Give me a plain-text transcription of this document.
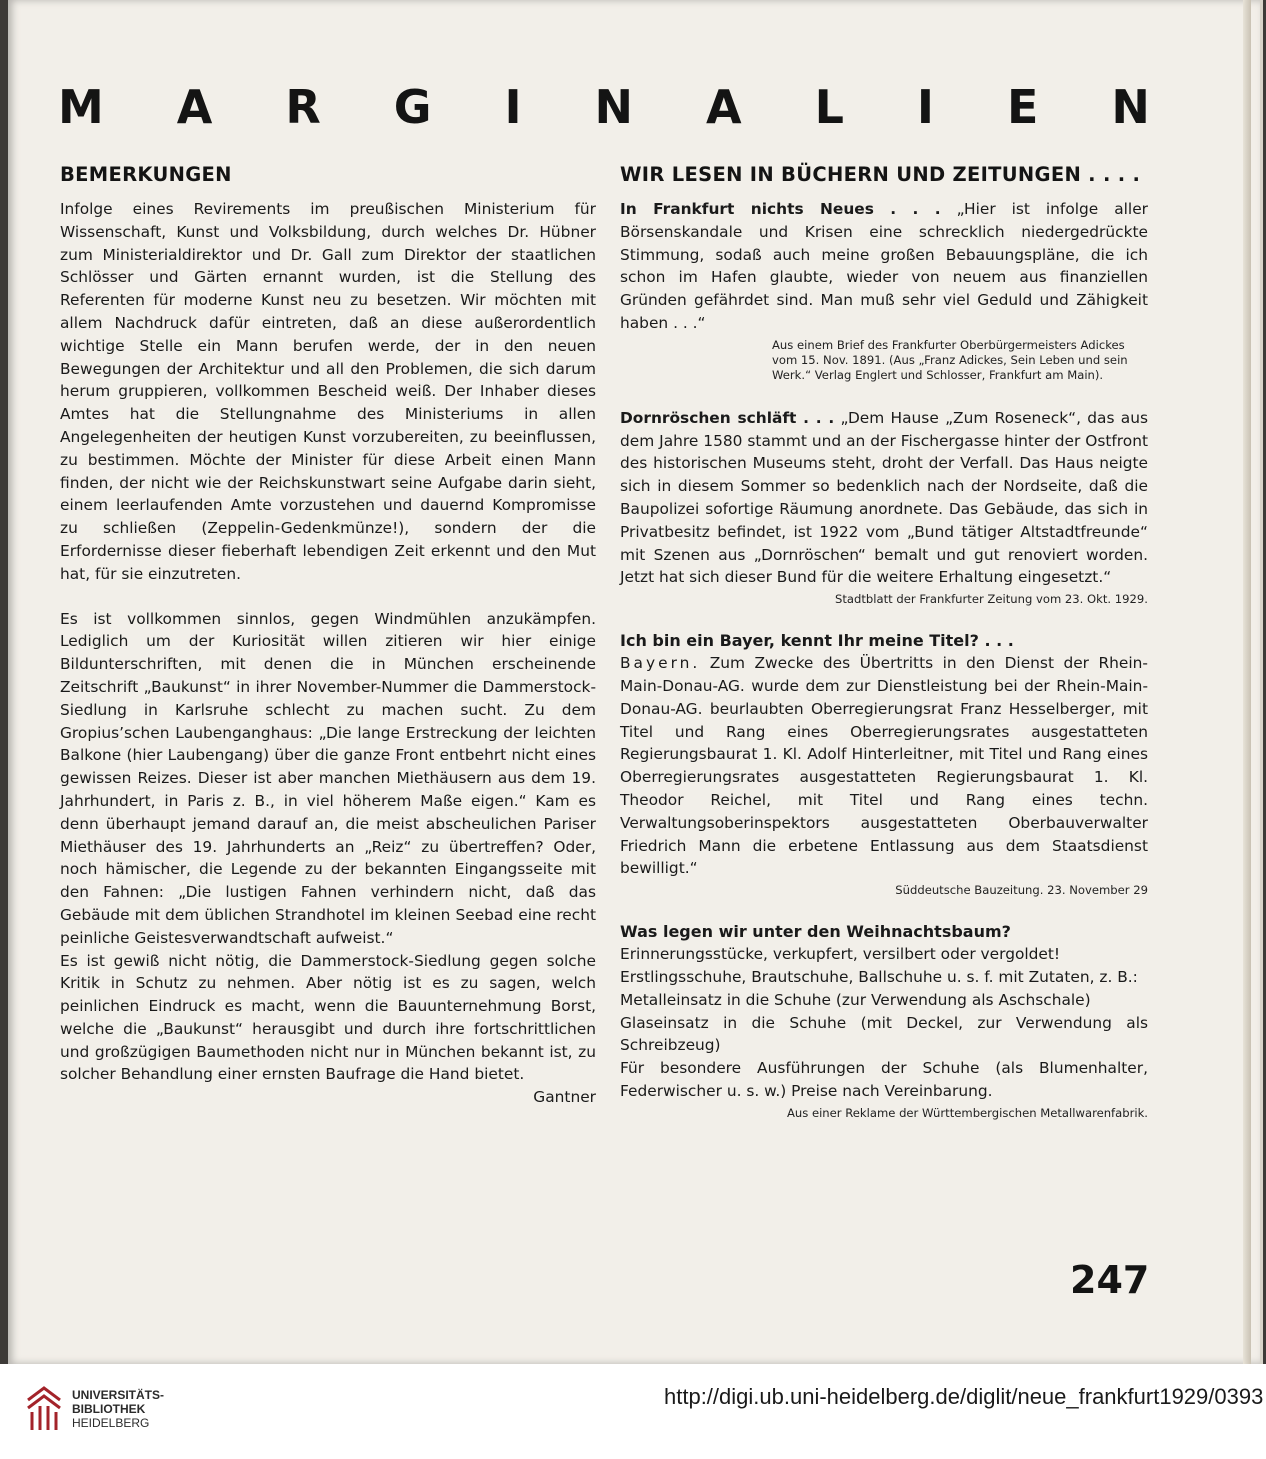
M A R G I N A L I E N
BEMERKUNGEN

Infolge eines Revirements im preußischen Ministerium für Wissenschaft, Kunst und Volksbildung, durch welches Dr. Hübner zum Ministerialdirektor und Dr. Gall zum Direktor der staatlichen Schlösser und Gärten ernannt wurden, ist die Stellung des Referenten für moderne Kunst neu zu besetzen. Wir möchten mit allem Nachdruck dafür eintreten, daß an diese außerordentlich wichtige Stelle ein Mann berufen werde, der in den neuen Bewegungen der Architektur und all den Problemen, die sich darum herum gruppieren, vollkommen Bescheid weiß. Der Inhaber dieses Amtes hat die Stellungnahme des Ministeriums in allen Angelegenheiten der heutigen Kunst vorzubereiten, zu beeinflussen, zu bestimmen. Möchte der Minister für diese Arbeit einen Mann finden, der nicht wie der Reichskunstwart seine Aufgabe darin sieht, einem leerlaufenden Amte vorzustehen und dauernd Kompromisse zu schließen (Zeppelin-Gedenkmünze!), sondern der die Erfordernisse dieser fieberhaft lebendigen Zeit erkennt und den Mut hat, für sie einzutreten.

Es ist vollkommen sinnlos, gegen Windmühlen anzukämpfen. Lediglich um der Kuriosität willen zitieren wir hier einige Bildunterschriften, mit denen die in München erscheinende Zeitschrift „Baukunst“ in ihrer November-Nummer die Dammerstock-Siedlung in Karlsruhe schlecht zu machen sucht. Zu dem Gropius’schen Laubenganghaus: „Die lange Erstreckung der leichten Balkone (hier Laubengang) über die ganze Front entbehrt nicht eines gewissen Reizes. Dieser ist aber manchen Miethäusern aus dem 19. Jahrhundert, in Paris z. B., in viel höherem Maße eigen.“ Kam es denn überhaupt jemand darauf an, die meist abscheulichen Pariser Miethäuser des 19. Jahrhunderts an „Reiz“ zu übertreffen? Oder, noch hämischer, die Legende zu der bekannten Eingangsseite mit den Fahnen: „Die lustigen Fahnen verhindern nicht, daß das Gebäude mit dem üblichen Strandhotel im kleinen Seebad eine recht peinliche Geistesverwandtschaft aufweist.“

Es ist gewiß nicht nötig, die Dammerstock-Siedlung gegen solche Kritik in Schutz zu nehmen. Aber nötig ist es zu sagen, welch peinlichen Eindruck es macht, wenn die Bauunternehmung Borst, welche die „Baukunst“ herausgibt und durch ihre fortschrittlichen und großzügigen Baumethoden nicht nur in München bekannt ist, zu solcher Behandlung einer ernsten Baufrage die Hand bietet.

Gantner
WIR LESEN IN BÜCHERN UND ZEITUNGEN . . . .

In Frankfurt nichts Neues . . . „Hier ist infolge aller Börsenskandale und Krisen eine schrecklich niedergedrückte Stimmung, sodaß auch meine großen Bebauungspläne, die ich schon im Hafen glaubte, wieder von neuem aus finanziellen Gründen gefährdet sind. Man muß sehr viel Geduld und Zähigkeit haben . . .“

Aus einem Brief des Frankfurter Oberbürgermeisters Adickes vom 15. Nov. 1891. (Aus „Franz Adickes, Sein Leben und sein Werk.“ Verlag Englert und Schlosser, Frankfurt am Main).

Dornröschen schläft . . . „Dem Hause „Zum Roseneck“, das aus dem Jahre 1580 stammt und an der Fischergasse hinter der Ostfront des historischen Museums steht, droht der Verfall. Das Haus neigte sich in diesem Sommer so bedenklich nach der Nordseite, daß die Baupolizei sofortige Räumung anordnete. Das Gebäude, das sich in Privatbesitz befindet, ist 1922 vom „Bund tätiger Altstadtfreunde“ mit Szenen aus „Dornröschen“ bemalt und gut renoviert worden. Jetzt hat sich dieser Bund für die weitere Erhaltung eingesetzt.“

Stadtblatt der Frankfurter Zeitung vom 23. Okt. 1929.
Ich bin ein Bayer, kennt Ihr meine Titel? . . .

Bayern. Zum Zwecke des Übertritts in den Dienst der Rhein-Main-Donau-AG. wurde dem zur Dienstleistung bei der Rhein-Main-Donau-AG. beurlaubten Oberregierungsrat Franz Hesselberger, mit Titel und Rang eines Oberregierungsrates ausgestatteten Regierungsbaurat 1. Kl. Adolf Hinterleitner, mit Titel und Rang eines Oberregierungsrates ausgestatteten Regierungsbaurat 1. Kl. Theodor Reichel, mit Titel und Rang eines techn. Verwaltungsoberinspektors ausgestatteten Oberbauverwalter Friedrich Mann die erbetene Entlassung aus dem Staatsdienst bewilligt.“

Süddeutsche Bauzeitung. 23. November 29
Was legen wir unter den Weihnachtsbaum?

Erinnerungsstücke, verkupfert, versilbert oder vergoldet!

Erstlingsschuhe, Brautschuhe, Ballschuhe u. s. f. mit Zutaten, z. B.:

Metalleinsatz in die Schuhe (zur Verwendung als Aschschale)

Glaseinsatz in die Schuhe (mit Deckel, zur Verwendung als Schreibzeug)

Für besondere Ausführungen der Schuhe (als Blumenhalter, Federwischer u. s. w.) Preise nach Vereinbarung.

Aus einer Reklame der Württembergischen Metallwarenfabrik.
247
UNIVERSITÄTS-
BIBLIOTHEK
HEIDELBERG
http://digi.ub.uni-heidelberg.de/diglit/neue_frankfurt1929/0393
